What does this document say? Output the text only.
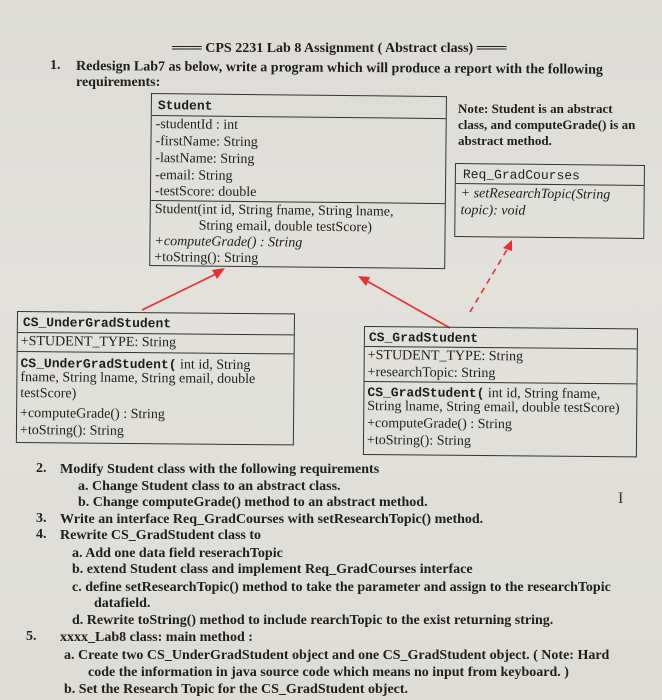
═══ CPS 2231 Lab 8 Assignment ( Abstract class) ═══
1. Redesign Lab7 as below, write a program which will produce a report with the following
requirements:
Student
-studentId : int
-firstName: String
-lastName: String
-email: String
-testScore: double
Student(int id, String fname, String lname,
String email, double testScore)
+computeGrade() : String
+toString(): String
Note: Student is an abstract
class, and computeGrade() is an
abstract method.
Req_GradCourses
+ setResearchTopic(String
topic): void
CS_UnderGradStudent
+STUDENT_TYPE: String
CS_UnderGradStudent( int id, String
fname, String lname, String email, double
testScore)
+computeGrade() : String
+toString(): String
CS_GradStudent
+STUDENT_TYPE: String
+researchTopic: String
CS_GradStudent( int id, String fname,
String lname, String email, double testScore)
+computeGrade() : String
+toString(): String
2. Modify Student class with the following requirements
a. Change Student class to an abstract class.
b. Change computeGrade() method to an abstract method.	I
3. Write an interface Req_GradCourses with setResearchTopic() method.
4. Rewrite CS_GradStudent class to
a. Add one data field reserachTopic
b. extend Student class and implement Req_GradCourses interface
c. define setResearchTopic() method to take the parameter and assign to the researchTopic
datafield.
d. Rewrite toString() method to include rearchTopic to the exist returning string.
5. xxxx_Lab8 class: main method :
a. Create two CS_UnderGradStudent object and one CS_GradStudent object. ( Note: Hard
code the information in java source code which means no input from keyboard. )
b. Set the Research Topic for the CS_GradStudent object.
